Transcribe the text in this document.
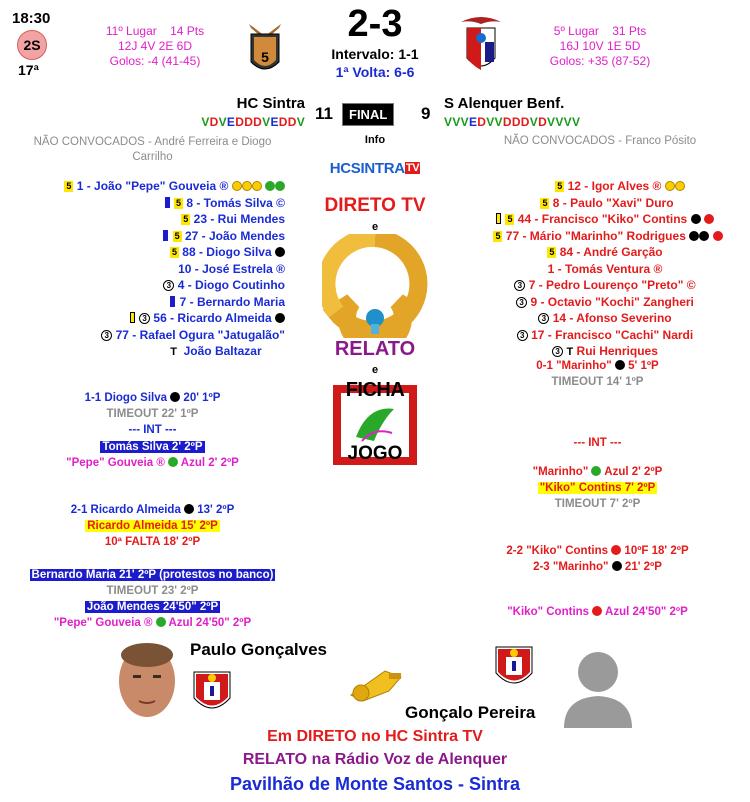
18:30
2S
17ª
11º Lugar 14 Pts
12J 4V 2E 6D
Golos: -4 (41-45)	5
2-3
Intervalo: 1-1
1ª Volta: 6-6
5º Lugar 31 Pts
16J 10V 1E 5D
Golos: +35 (87-52)
HC Sintra
11	FINAL	9
S Alenquer Benf.
VDVEDDDVEDDV	VVVEDVVDDDVDVVVV
Info
NÃO CONVOCADOS - André Ferreira e Diogo Carrilho
NÃO CONVOCADOS - Franco Pósito
HCSINTRATV
DIRETO TV
e
RELATO
e
FICHA
JOGO
5 1 - João "Pepe" Gouveia ®
5 8 - Tomás Silva ©
5 23 - Rui Mendes
5 27 - João Mendes
5 88 - Diogo Silva
10 - José Estrela ®
3 4 - Diogo Coutinho
7 - Bernardo Maria
3 56 - Ricardo Almeida
3 77 - Rafael Ogura "Jatugalão"
T João Baltazar
5 12 - Igor Alves ®
5 8 - Paulo "Xavi" Duro
5 44 - Francisco "Kiko" Contins
5 77 - Mário "Marinho" Rodrigues
5 84 - André Garção
1 - Tomás Ventura ®
3 7 - Pedro Lourenço "Preto" ©
3 9 - Octavio "Kochi" Zangheri
3 14 - Afonso Severino
3 17 - Francisco "Cachi" Nardi
3 T Rui Henriques
1-1 Diogo Silva 20' 1ºP
TIMEOUT 22' 1ºP
--- INT ---
Tomás Silva 2' 2ºP
"Pepe" Gouveia ® Azul 2' 2ºP
2-1 Ricardo Almeida 13' 2ºP
Ricardo Almeida 15' 2ºP
10ª FALTA 18' 2ºP
Bernardo Maria 21' 2ºP (protestos no banco)
TIMEOUT 23' 2ºP
João Mendes 24'50" 2ºP
"Pepe" Gouveia ® Azul 24'50" 2ºP
0-1 "Marinho" 5' 1ºP
TIMEOUT 14' 1ºP
--- INT ---
"Marinho" Azul 2' 2ºP
"Kiko" Contins 7' 2ºP
TIMEOUT 7' 2ºP
2-2 "Kiko" Contins 10ºF 18' 2ºP
2-3 "Marinho" 21' 2ºP
"Kiko" Contins Azul 24'50" 2ºP
Paulo Gonçalves
Gonçalo Pereira
Em DIRETO no HC Sintra TV
RELATO na Rádio Voz de Alenquer
Pavilhão de Monte Santos - Sintra
